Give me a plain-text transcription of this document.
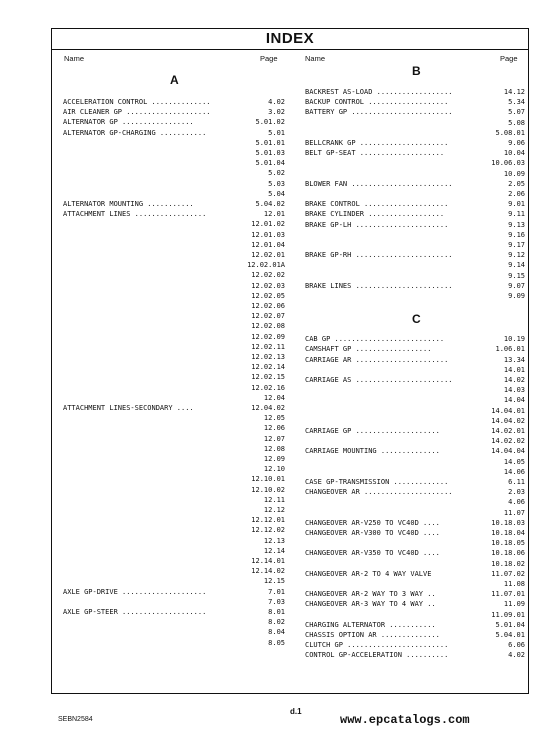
INDEX
Name	Page	Name	Page
A
B
C
ACCELERATION CONTROL ..............	4.02
AIR CLEANER GP ....................	3.02
ALTERNATOR GP .................	5.01.02
ALTERNATOR GP-CHARGING ...........	5.01
5.01.01
5.01.03
5.01.04
5.02
5.03
5.04
ALTERNATOR MOUNTING ...........	5.04.02
ATTACHMENT LINES .................	12.01
12.01.02
12.01.03
12.01.04
12.02.01
12.02.01A
12.02.02
12.02.03
12.02.05
12.02.06
12.02.07
12.02.08
12.02.09
12.02.11
12.02.13
12.02.14
12.02.15
12.02.16
12.04
ATTACHMENT LINES-SECONDARY ....	12.04.02
12.05
12.06
12.07
12.08
12.09
12.10
12.10.01
12.10.02
12.11
12.12
12.12.01
12.12.02
12.13
12.14
12.14.01
12.14.02
12.15
AXLE GP-DRIVE ....................	7.01
7.03
AXLE GP-STEER ....................	8.01
8.02
8.04
8.05
BACKREST AS-LOAD ..................	14.12
BACKUP CONTROL ...................	5.34
BATTERY GP ........................	5.07
5.08
5.08.01
BELLCRANK GP .....................	9.06
BELT GP-SEAT ....................	10.04
10.06.03
10.09
BLOWER FAN ........................	2.05
2.06
BRAKE CONTROL ....................	9.01
BRAKE CYLINDER ..................	9.11
BRAKE GP-LH ......................	9.13
9.16
9.17
BRAKE GP-RH .......................	9.12
9.14
9.15
BRAKE LINES .......................	9.07
9.09
CAB GP ..........................	10.19
CAMSHAFT GP ..................	1.06.01
CARRIAGE AR ......................	13.34
14.01
CARRIAGE AS .......................	14.02
14.03
14.04
14.04.01
14.04.02
CARRIAGE GP ....................	14.02.01
14.02.02
CARRIAGE MOUNTING ..............	14.04.04
14.05
14.06
CASE GP-TRANSMISSION .............	6.11
CHANGEOVER AR .....................	2.03
4.06
11.07
CHANGEOVER AR-V250 TO VC40D ....	10.18.03
CHANGEOVER AR-V300 TO VC40D ....	10.18.04
10.18.05
CHANGEOVER AR-V350 TO VC40D ....	10.18.06
10.18.02
CHANGEOVER AR-2 TO 4 WAY VALVE	11.07.02
11.08
CHANGEOVER AR-2 WAY TO 3 WAY ..	11.07.01
CHANGEOVER AR-3 WAY TO 4 WAY ..	11.09
11.09.01
CHARGING ALTERNATOR ...........	5.01.04
CHASSIS OPTION AR ..............	5.04.01
CLUTCH GP ........................	6.06
CONTROL GP-ACCELERATION ..........	4.02
d.1
SEBN2584	www.epcatalogs.com
